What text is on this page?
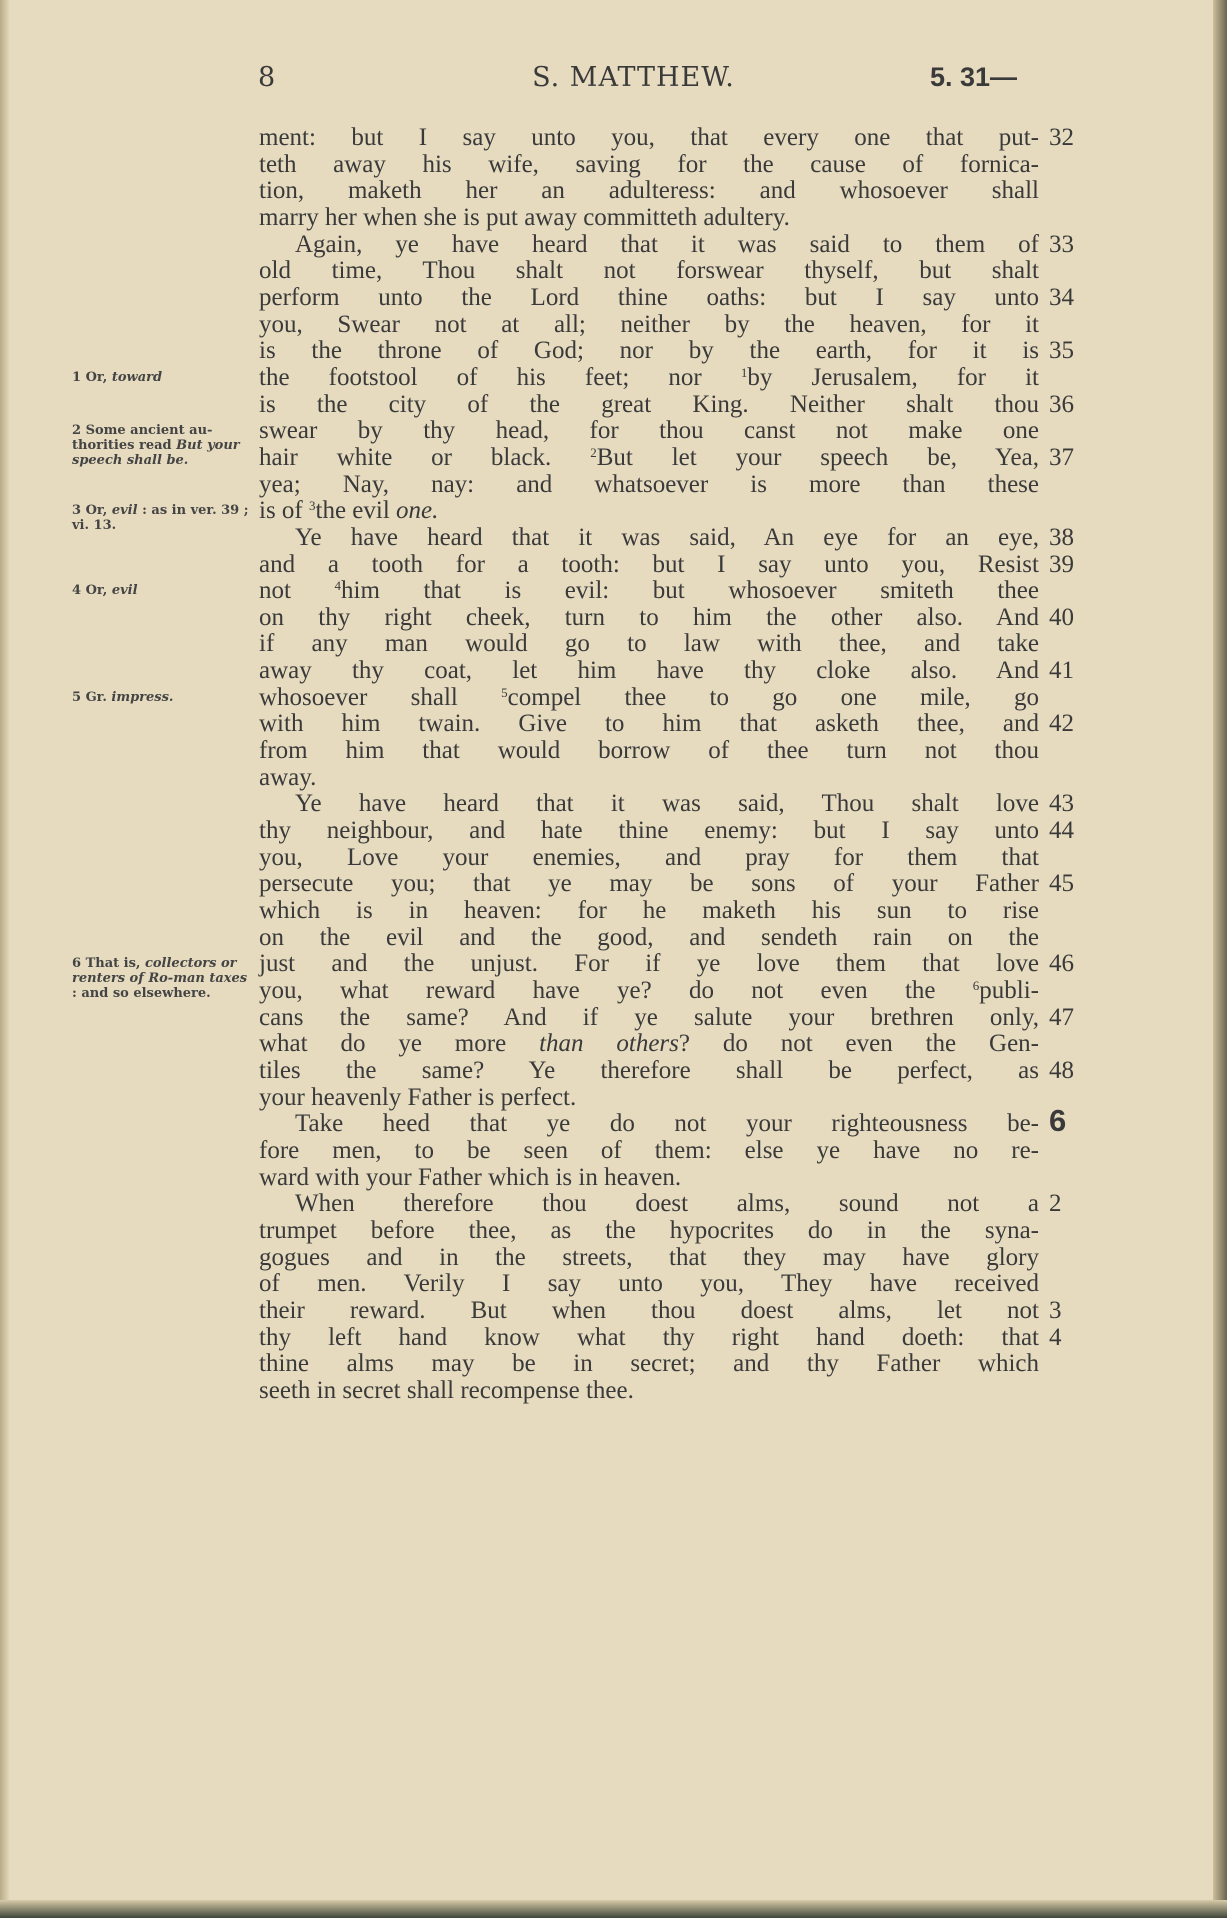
8	S. MATTHEW.	5. 31—
ment: but I say unto you, that every one that put- 32
teth away his wife, saving for the cause of fornica-
tion, maketh her an adulteress: and whosoever shall
marry her when she is put away committeth adultery.
Again, ye have heard that it was said to them of 33
old time, Thou shalt not forswear thyself, but shalt
perform unto the Lord thine oaths: but I say unto 34
you, Swear not at all; neither by the heaven, for it
is the throne of God; nor by the earth, for it is 35
the footstool of his feet; nor $^1$by Jerusalem, for it
is the city of the great King. Neither shalt thou 36
swear by thy head, for thou canst not make one
hair white or black. $^2$But let your speech be, Yea, 37
yea; Nay, nay: and whatsoever is more than these
is of $^3$the evil one.
Ye have heard that it was said, An eye for an eye, 38
and a tooth for a tooth: but I say unto you, Resist 39
not $^4$him that is evil: but whosoever smiteth thee
on thy right cheek, turn to him the other also. And 40
if any man would go to law with thee, and take
away thy coat, let him have thy cloke also. And 41
whosoever shall $^5$compel thee to go one mile, go
with him twain. Give to him that asketh thee, and 42
from him that would borrow of thee turn not thou
away.
Ye have heard that it was said, Thou shalt love 43
thy neighbour, and hate thine enemy: but I say unto 44
you, Love your enemies, and pray for them that
persecute you; that ye may be sons of your Father 45
which is in heaven: for he maketh his sun to rise
on the evil and the good, and sendeth rain on the
just and the unjust. For if ye love them that love 46
you, what reward have ye? do not even the $^6$publi-
cans the same? And if ye salute your brethren only, 47
what do ye more than others? do not even the Gen-
tiles the same? Ye therefore shall be perfect, as 48
your heavenly Father is perfect.
Take heed that ye do not your righteousness be- 6
fore men, to be seen of them: else ye have no re-
ward with your Father which is in heaven.
When therefore thou doest alms, sound not a 2
trumpet before thee, as the hypocrites do in the syna-
gogues and in the streets, that they may have glory
of men. Verily I say unto you, They have received
their reward. But when thou doest alms, let not 3
thy left hand know what thy right hand doeth: that 4
thine alms may be in secret; and thy Father which
seeth in secret shall recompense thee.
1 Or, toward
2 Some ancient au-thorities read But your speech shall be.
3 Or, evil : as in ver. 39 ; vi. 13.
4 Or, evil
5 Gr. impress.
6 That is, collectors or renters of Ro-man taxes : and so elsewhere.
